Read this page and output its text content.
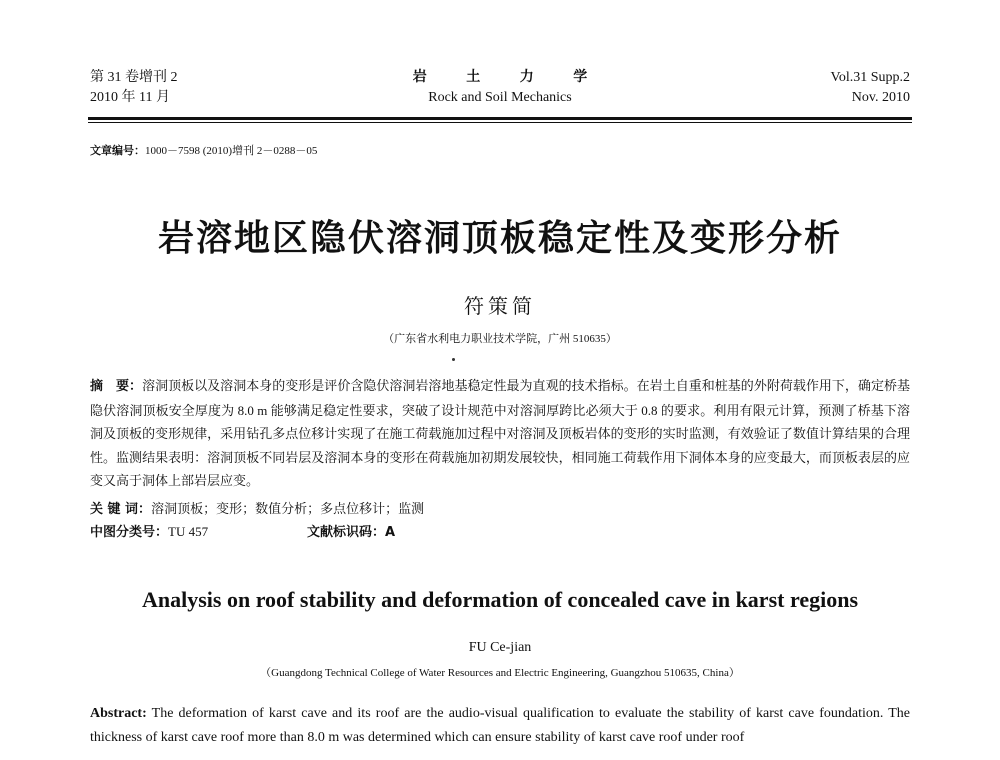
第 31 卷增刊 2
2010 年 11 月
岩 土 力 学
Rock and Soil Mechanics
Vol.31 Supp.2
Nov. 2010
文章编号：1000－7598 (2010)增刊 2－0288－05
岩溶地区隐伏溶洞顶板稳定性及变形分析
符策简
（广东省水利电力职业技术学院，广州 510635）
摘　要：溶洞顶板以及溶洞本身的变形是评价含隐伏溶洞岩溶地基稳定性最为直观的技术指标。在岩土自重和桩基的外附荷载作用下，确定桥基隐伏溶洞顶板安全厚度为 8.0 m 能够满足稳定性要求，突破了设计规范中对溶洞厚跨比必须大于 0.8 的要求。利用有限元计算，预测了桥基下溶洞及顶板的变形规律，采用钻孔多点位移计实现了在施工荷载施加过程中对溶洞及顶板岩体的变形的实时监测，有效验证了数值计算结果的合理性。监测结果表明：溶洞顶板不同岩层及溶洞本身的变形在荷载施加初期发展较快，相同施工荷载作用下洞体本身的应变最大，而顶板表层的应变又高于洞体上部岩层应变。
关 键 词：溶洞顶板；变形；数值分析；多点位移计；监测
中图分类号：TU 457	文献标识码：A
Analysis on roof stability and deformation of concealed cave in karst regions
FU Ce-jian
（Guangdong Technical College of Water Resources and Electric Engineering, Guangzhou 510635, China）
Abstract: The deformation of karst cave and its roof are the audio-visual qualification to evaluate the stability of karst cave foundation. The thickness of karst cave roof more than 8.0 m was determined which can ensure stability of karst cave roof under roof
